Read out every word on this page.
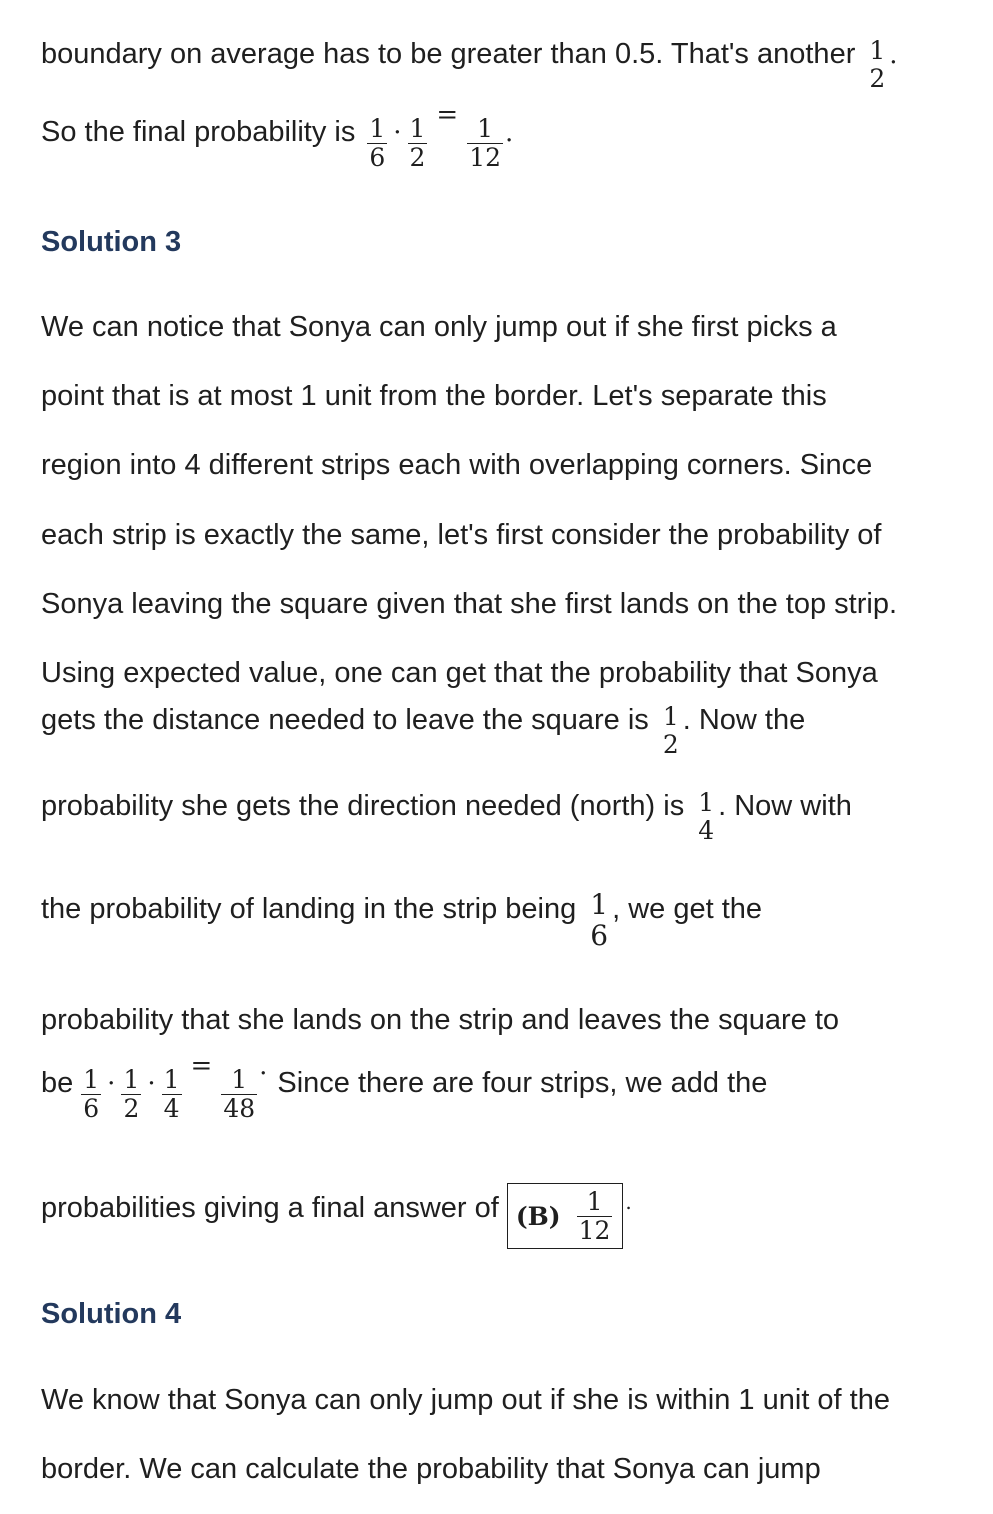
boundary on average has to be greater than 0.5. That's another 1
2
.
So the final probability is $\frac{1}{6} \cdot \frac{1}{2} = \frac{1}{12}$ .
Solution 3
We can notice that Sonya can only jump out if she first picks a
point that is at most 1 unit from the border. Let's separate this
region into 4 different strips each with overlapping corners. Since
each strip is exactly the same, let's first consider the probability of
Sonya leaving the square given that she first lands on the top strip.
Using expected value, one can get that the probability that Sonya
gets the distance needed to leave the square is 1
2
. Now the
probability she gets the direction needed (north) is 1
4
. Now with
the probability of landing in the strip being 1
6
, we get the
probability that she lands on the strip and leaves the square to
be $\frac{1}{6} \cdot \frac{1}{2} \cdot \frac{1}{4} = \frac{1}{48}$ .
Since there are four strips, we add the
probabilities giving a final answer of $(B) \frac{1}{12}$ .
Solution 4
We know that Sonya can only jump out if she is within 1 unit of the
border. We can calculate the probability that Sonya can jump
